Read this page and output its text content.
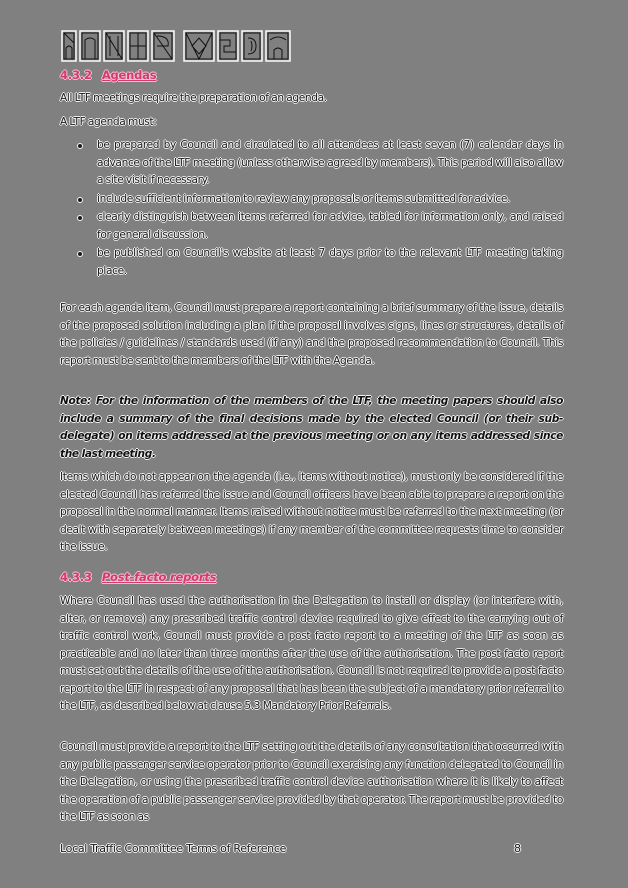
4.3.2 Agendas
All LTF meetings require the preparation of an agenda.
A LTF agenda must:
be prepared by Council and circulated to all attendees at least seven (7) calendar days in advance of the LTF meeting (unless otherwise agreed by members). This period will also allow a site visit if necessary.
include sufficient information to review any proposals or items submitted for advice.
clearly distinguish between items referred for advice, tabled for information only, and raised for general discussion.
be published on Council's website at least 7 days prior to the relevant LTF meeting taking place.
For each agenda item, Council must prepare a report containing a brief summary of the issue, details of the proposed solution including a plan if the proposal involves signs, lines or structures, details of the policies / guidelines / standards used (if any) and the proposed recommendation to Council. This report must be sent to the members of the LTF with the Agenda.
Note: For the information of the members of the LTF, the meeting papers should also include a summary of the final decisions made by the elected Council (or their sub-delegate) on items addressed at the previous meeting or on any items addressed since the last meeting.
Items which do not appear on the agenda (i.e., items without notice), must only be considered if the elected Council has referred the issue and Council officers have been able to prepare a report on the proposal in the normal manner. Items raised without notice must be referred to the next meeting (or dealt with separately between meetings) if any member of the committee requests time to consider the issue.
4.3.3 Post-facto reports
Where Council has used the authorisation in the Delegation to install or display (or interfere with, alter, or remove) any prescribed traffic control device required to give effect to the carrying out of traffic control work, Council must provide a post facto report to a meeting of the LTF as soon as practicable and no later than three months after the use of the authorisation. The post facto report must set out the details of the use of the authorisation. Council is not required to provide a post facto report to the LTF in respect of any proposal that has been the subject of a mandatory prior referral to the LTF, as described below at clause 5.3 Mandatory Prior Referrals.
Council must provide a report to the LTF setting out the details of any consultation that occurred with any public passenger service operator prior to Council exercising any function delegated to Council in the Delegation, or using the prescribed traffic control device authorisation where it is likely to affect the operation of a public passenger service provided by that operator. The report must be provided to the LTF as soon as
Local Traffic Committee Terms of Reference	8
